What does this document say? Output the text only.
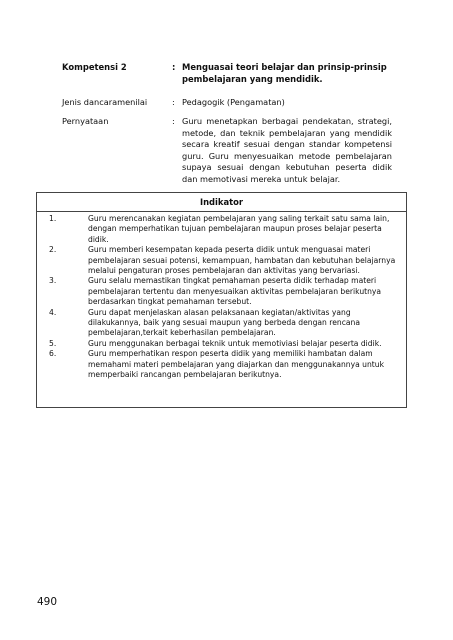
Kompetensi 2	: Menguasai teori belajar dan prinsip-prinsip pembelajaran yang mendidik.
Jenis dancaramenilai	: Pedagogik (Pengamatan)
Pernyataan	: Guru menetapkan berbagai pendekatan, strategi, metode, dan teknik pembelajaran yang mendidik secara kreatif sesuai dengan standar kompetensi guru. Guru menyesuaikan metode pembelajaran supaya sesuai dengan kebutuhan peserta didik dan memotivasi mereka untuk belajar.
Indikator
1.	Guru merencanakan kegiatan pembelajaran yang saling terkait satu sama lain, dengan memperhatikan tujuan pembelajaran maupun proses belajar peserta didik.
2.	Guru memberi kesempatan kepada peserta didik untuk menguasai materi pembelajaran sesuai potensi, kemampuan, hambatan dan kebutuhan belajarnya melalui pengaturan proses pembelajaran dan aktivitas yang bervariasi.
3.	Guru selalu memastikan tingkat pemahaman peserta didik terhadap materi pembelajaran tertentu dan menyesuaikan aktivitas pembelajaran berikutnya berdasarkan tingkat pemahaman tersebut.
4.	Guru dapat menjelaskan alasan pelaksanaan kegiatan/aktivitas yang dilakukannya, baik yang sesuai maupun yang berbeda dengan rencana pembelajaran,terkait keberhasilan pembelajaran.
5.	Guru menggunakan berbagai teknik untuk memotiviasi belajar peserta didik.
6.	Guru memperhatikan respon peserta didik yang memiliki hambatan dalam memahami materi pembelajaran yang diajarkan dan menggunakannya untuk memperbaiki rancangan pembelajaran berikutnya.
490
